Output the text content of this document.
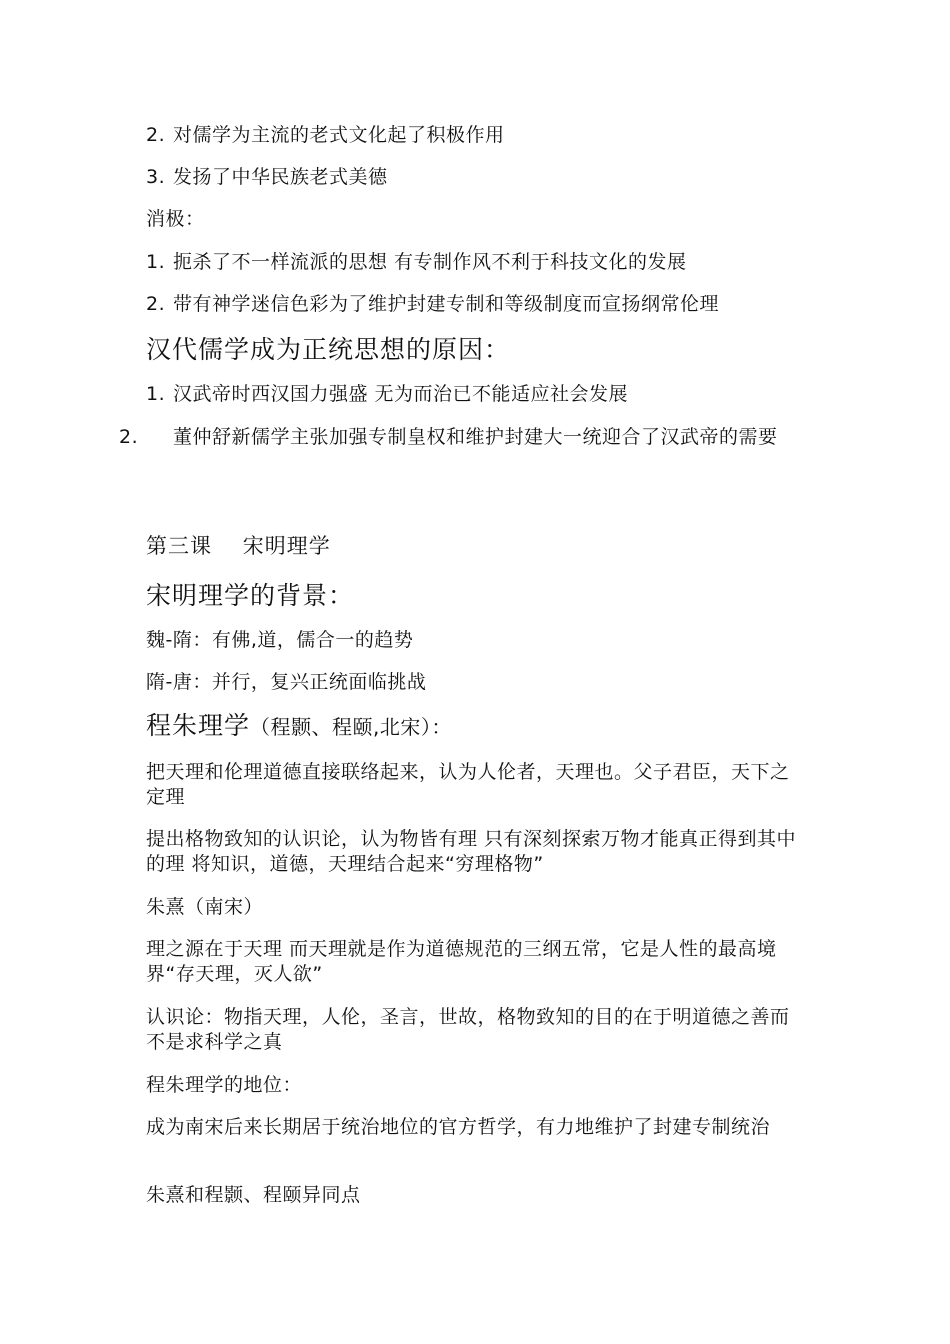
2. 对儒学为主流的老式文化起了积极作用
3. 发扬了中华民族老式美德
消极：
1. 扼杀了不一样流派的思想 有专制作风不利于科技文化的发展
2. 带有神学迷信色彩为了维护封建专制和等级制度而宣扬纲常伦理
汉代儒学成为正统思想的原因：
1. 汉武帝时西汉国力强盛 无为而治已不能适应社会发展
2. 董仲舒新儒学主张加强专制皇权和维护封建大一统迎合了汉武帝的需要
第三课    宋明理学
宋明理学的背景：
魏-隋：有佛,道，儒合一的趋势
隋-唐：并行，复兴正统面临挑战
程朱理学（程颢、程颐,北宋）：
把天理和伦理道德直接联络起来，认为人伦者，天理也。父子君臣，天下之定理
提出格物致知的认识论，认为物皆有理 只有深刻探索万物才能真正得到其中的理 将知识，道德，天理结合起来“穷理格物”
朱熹（南宋）
理之源在于天理 而天理就是作为道德规范的三纲五常，它是人性的最高境界“存天理，灭人欲”
认识论：物指天理，人伦，圣言，世故，格物致知的目的在于明道德之善而不是求科学之真
程朱理学的地位：
成为南宋后来长期居于统治地位的官方哲学，有力地维护了封建专制统治
朱熹和程颢、程颐异同点
